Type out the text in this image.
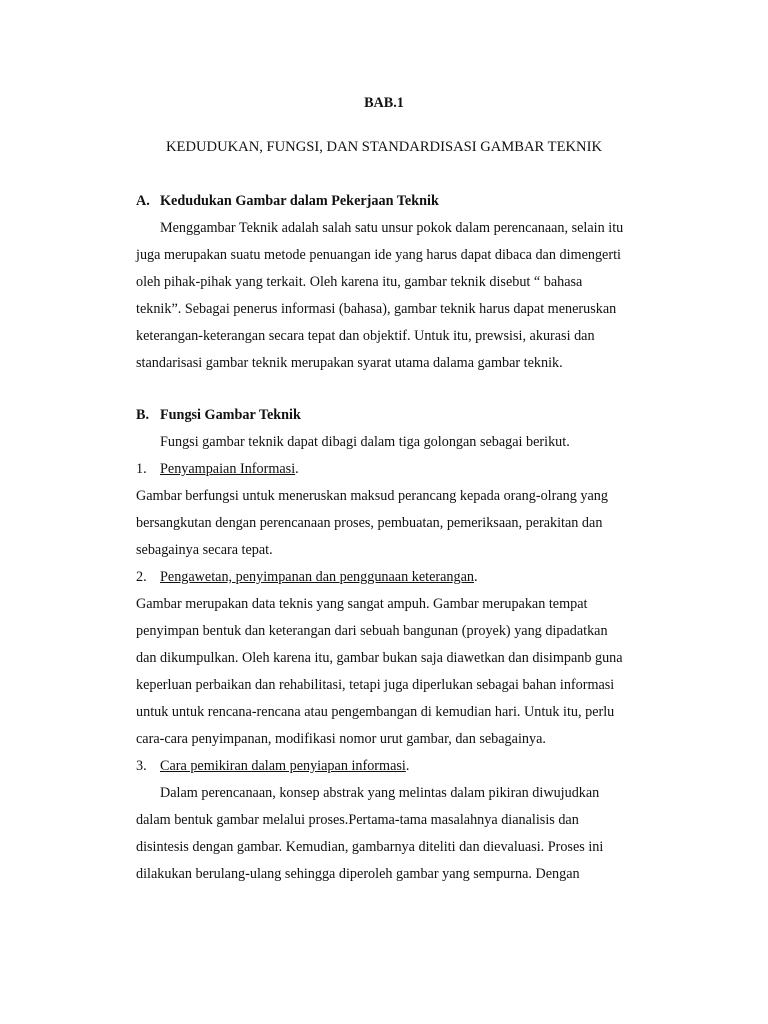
BAB.1
KEDUDUKAN, FUNGSI, DAN STANDARDISASI GAMBAR TEKNIK
A. Kedudukan Gambar dalam Pekerjaan Teknik
Menggambar Teknik adalah salah satu unsur pokok dalam perencanaan, selain itu
juga merupakan suatu metode penuangan ide yang harus dapat dibaca dan dimengerti
oleh pihak-pihak yang terkait. Oleh karena itu, gambar teknik disebut “ bahasa
teknik”. Sebagai penerus informasi (bahasa), gambar teknik harus dapat meneruskan
keterangan-keterangan secara tepat dan objektif. Untuk itu, prewsisi, akurasi dan
standarisasi gambar teknik merupakan syarat utama dalama gambar teknik.
B. Fungsi Gambar Teknik
Fungsi gambar teknik dapat dibagi dalam tiga golongan sebagai berikut.
1. Penyampaian Informasi.
Gambar berfungsi untuk meneruskan maksud perancang kepada orang-olrang yang
bersangkutan dengan perencanaan proses, pembuatan, pemeriksaan, perakitan dan
sebagainya secara tepat.
2. Pengawetan, penyimpanan dan penggunaan keterangan.
Gambar merupakan data teknis yang sangat ampuh. Gambar merupakan tempat
penyimpan bentuk dan keterangan dari sebuah bangunan (proyek) yang dipadatkan
dan dikumpulkan. Oleh karena itu, gambar bukan saja diawetkan dan disimpanb guna
keperluan perbaikan dan rehabilitasi, tetapi juga diperlukan sebagai bahan informasi
untuk untuk rencana-rencana atau pengembangan di kemudian hari. Untuk itu, perlu
cara-cara penyimpanan, modifikasi nomor urut gambar, dan sebagainya.
3. Cara pemikiran dalam penyiapan informasi.
Dalam perencanaan, konsep abstrak yang melintas dalam pikiran diwujudkan
dalam bentuk gambar melalui proses.Pertama-tama masalahnya dianalisis dan
disintesis dengan gambar. Kemudian, gambarnya diteliti dan dievaluasi. Proses ini
dilakukan berulang-ulang sehingga diperoleh gambar yang sempurna. Dengan
